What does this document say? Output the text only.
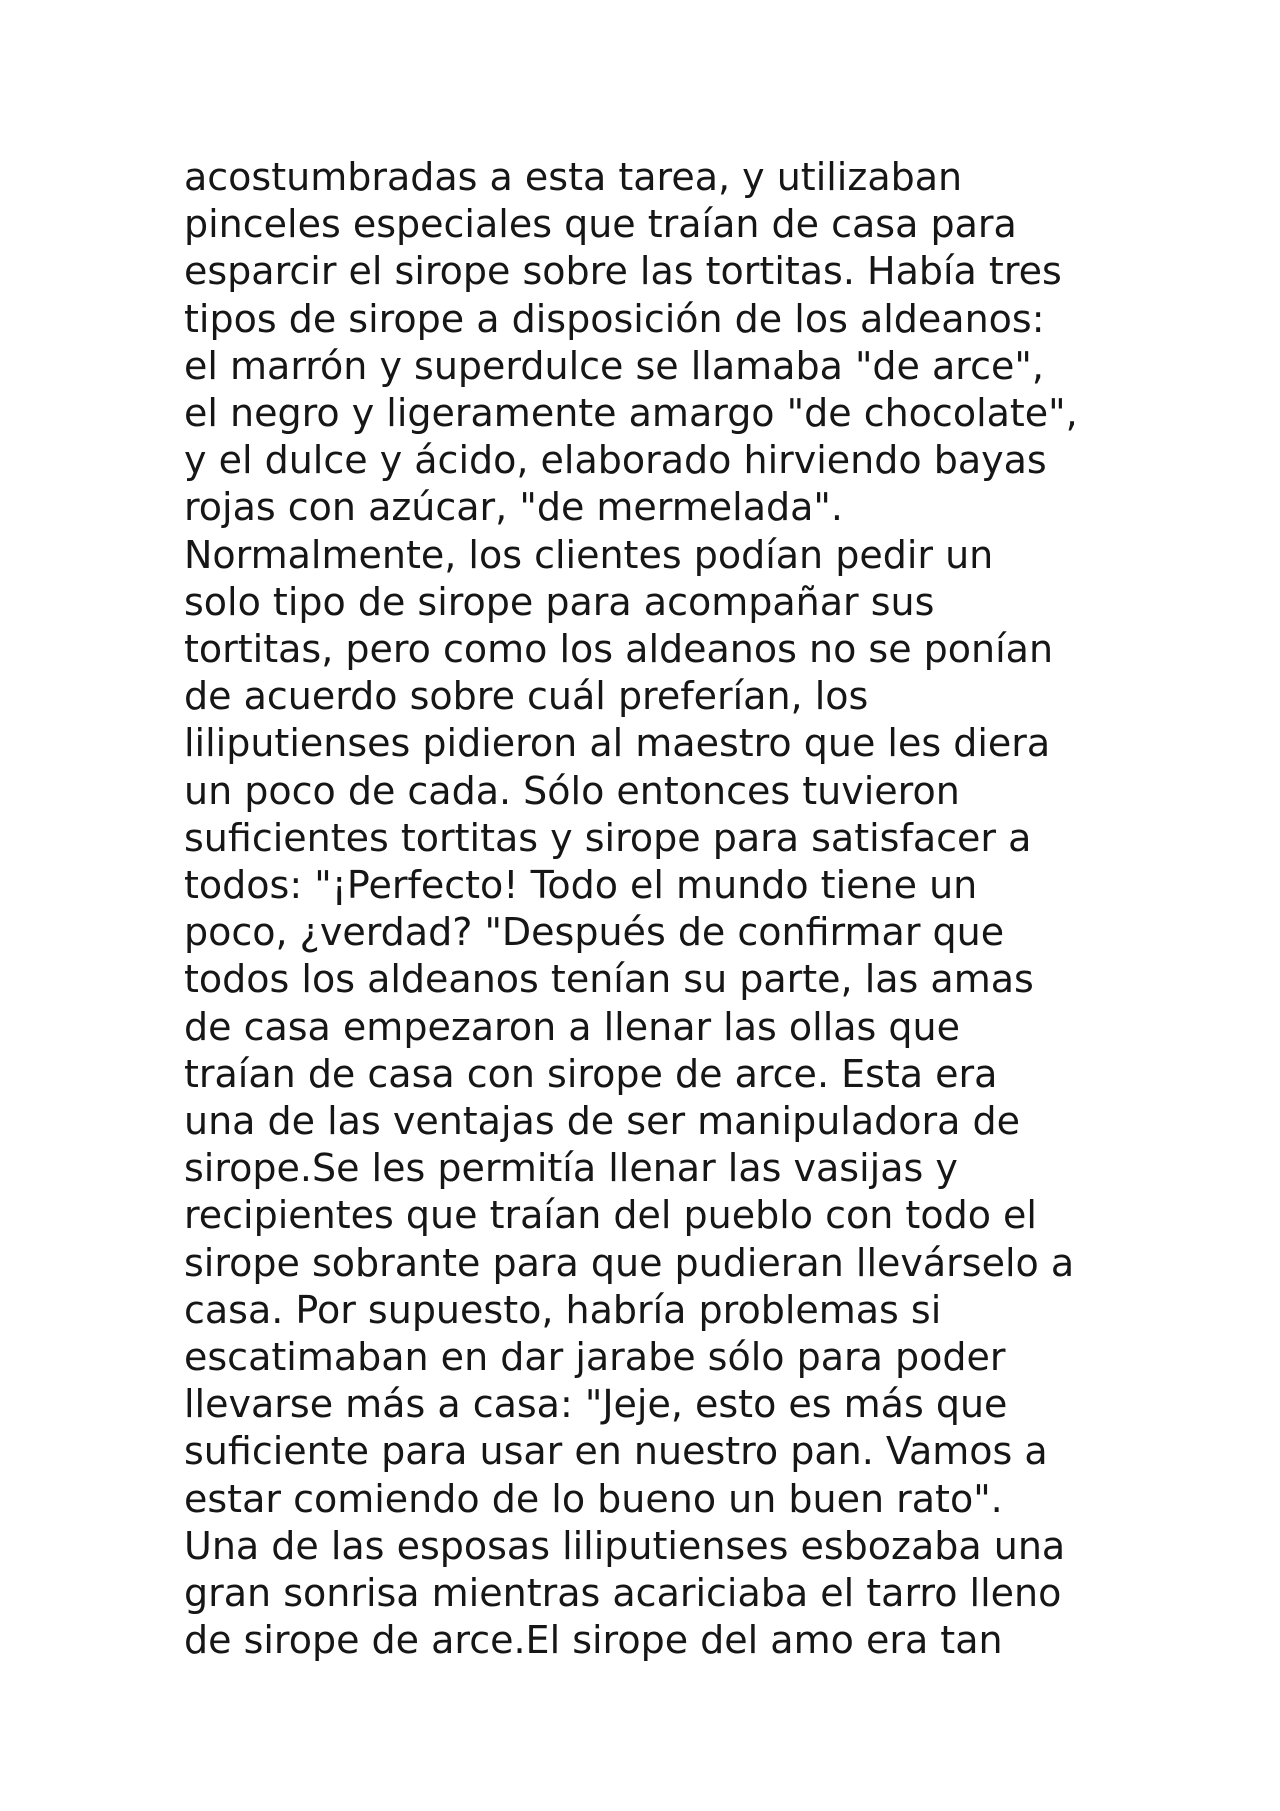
acostumbradas a esta tarea, y utilizaban

pinceles especiales que traían de casa para

esparcir el sirope sobre las tortitas. Había tres

tipos de sirope a disposición de los aldeanos:

el marrón y superdulce se llamaba "de arce",

el negro y ligeramente amargo "de chocolate",

y el dulce y ácido, elaborado hirviendo bayas

rojas con azúcar, "de mermelada".

Normalmente, los clientes podían pedir un

solo tipo de sirope para acompañar sus

tortitas, pero como los aldeanos no se ponían

de acuerdo sobre cuál preferían, los

liliputienses pidieron al maestro que les diera

un poco de cada. Sólo entonces tuvieron

suficientes tortitas y sirope para satisfacer a

todos: "¡Perfecto! Todo el mundo tiene un

poco, ¿verdad? "Después de confirmar que

todos los aldeanos tenían su parte, las amas

de casa empezaron a llenar las ollas que

traían de casa con sirope de arce. Esta era

una de las ventajas de ser manipuladora de

sirope.Se les permitía llenar las vasijas y

recipientes que traían del pueblo con todo el

sirope sobrante para que pudieran llevárselo a

casa. Por supuesto, habría problemas si

escatimaban en dar jarabe sólo para poder

llevarse más a casa: "Jeje, esto es más que

suficiente para usar en nuestro pan. Vamos a

estar comiendo de lo bueno un buen rato".

Una de las esposas liliputienses esbozaba una

gran sonrisa mientras acariciaba el tarro lleno

de sirope de arce.El sirope del amo era tan
